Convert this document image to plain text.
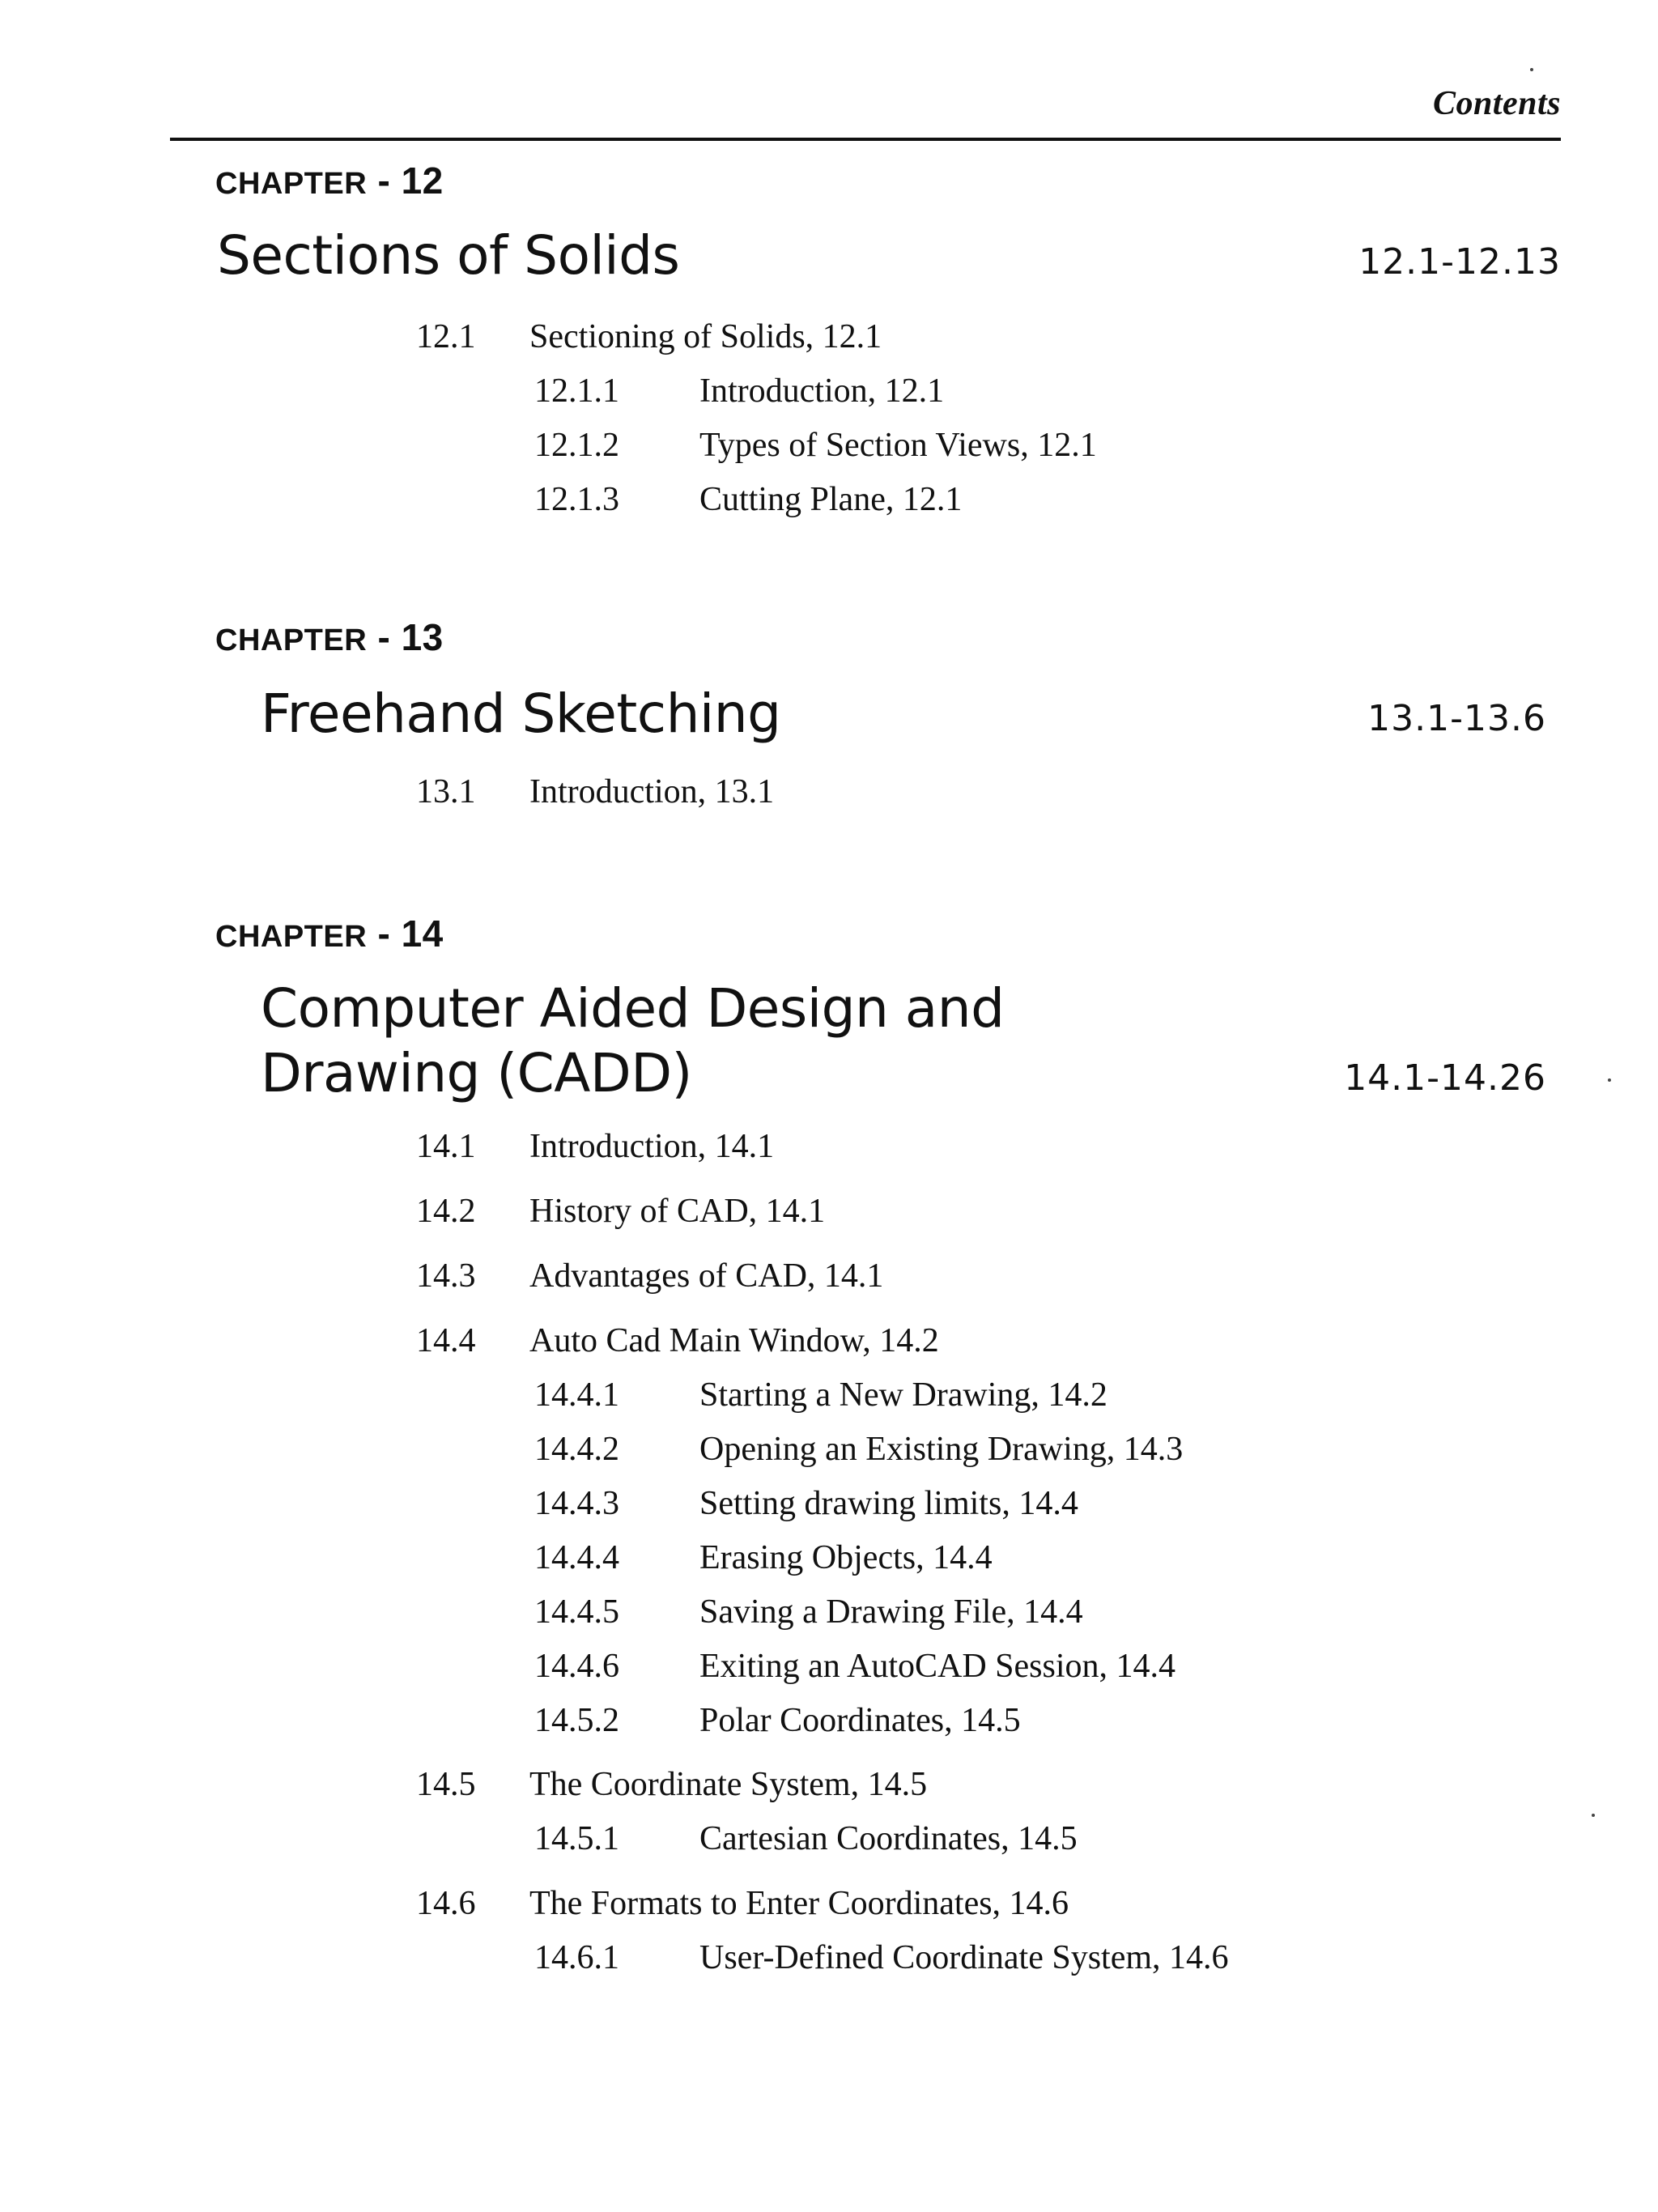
Contents
CHAPTER - 12
Sections of Solids	12.1-12.13
12.1 Sectioning of Solids, 12.1
12.1.1 Introduction, 12.1
12.1.2 Types of Section Views, 12.1
12.1.3 Cutting Plane, 12.1
CHAPTER - 13
Freehand Sketching	13.1-13.6
13.1 Introduction, 13.1
CHAPTER - 14
Computer Aided Design and
Drawing (CADD)	14.1-14.26
14.1 Introduction, 14.1
14.2 History of CAD, 14.1
14.3 Advantages of CAD, 14.1
14.4 Auto Cad Main Window, 14.2
14.4.1 Starting a New Drawing, 14.2
14.4.2 Opening an Existing Drawing, 14.3
14.4.3 Setting drawing limits, 14.4
14.4.4 Erasing Objects, 14.4
14.4.5 Saving a Drawing File, 14.4
14.4.6 Exiting an AutoCAD Session, 14.4
14.5.2 Polar Coordinates, 14.5
14.5 The Coordinate System, 14.5
14.5.1 Cartesian Coordinates, 14.5
14.6 The Formats to Enter Coordinates, 14.6
14.6.1 User-Defined Coordinate System, 14.6
